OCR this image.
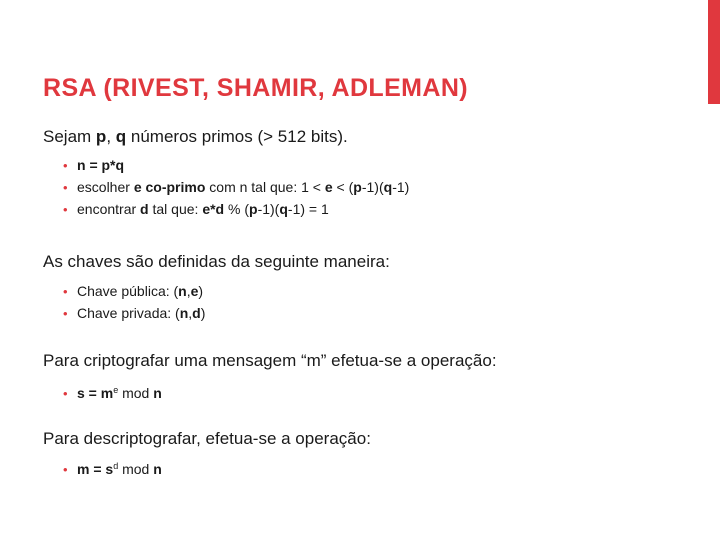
RSA (RIVEST, SHAMIR, ADLEMAN)

Sejam p, q números primos (> 512 bits).

• n = p*q
• escolher e co-primo com n tal que: 1 < e < (p-1)(q-1)
• encontrar d tal que: e*d % (p-1)(q-1) = 1

As chaves são definidas da seguinte maneira:

• Chave pública: (n,e)
• Chave privada: (n,d)

Para criptografar uma mensagem “m” efetua-se a operação:

• $s = m^e$ mod n

Para descriptografar, efetua-se a operação:

• $m = s^d$ mod n
